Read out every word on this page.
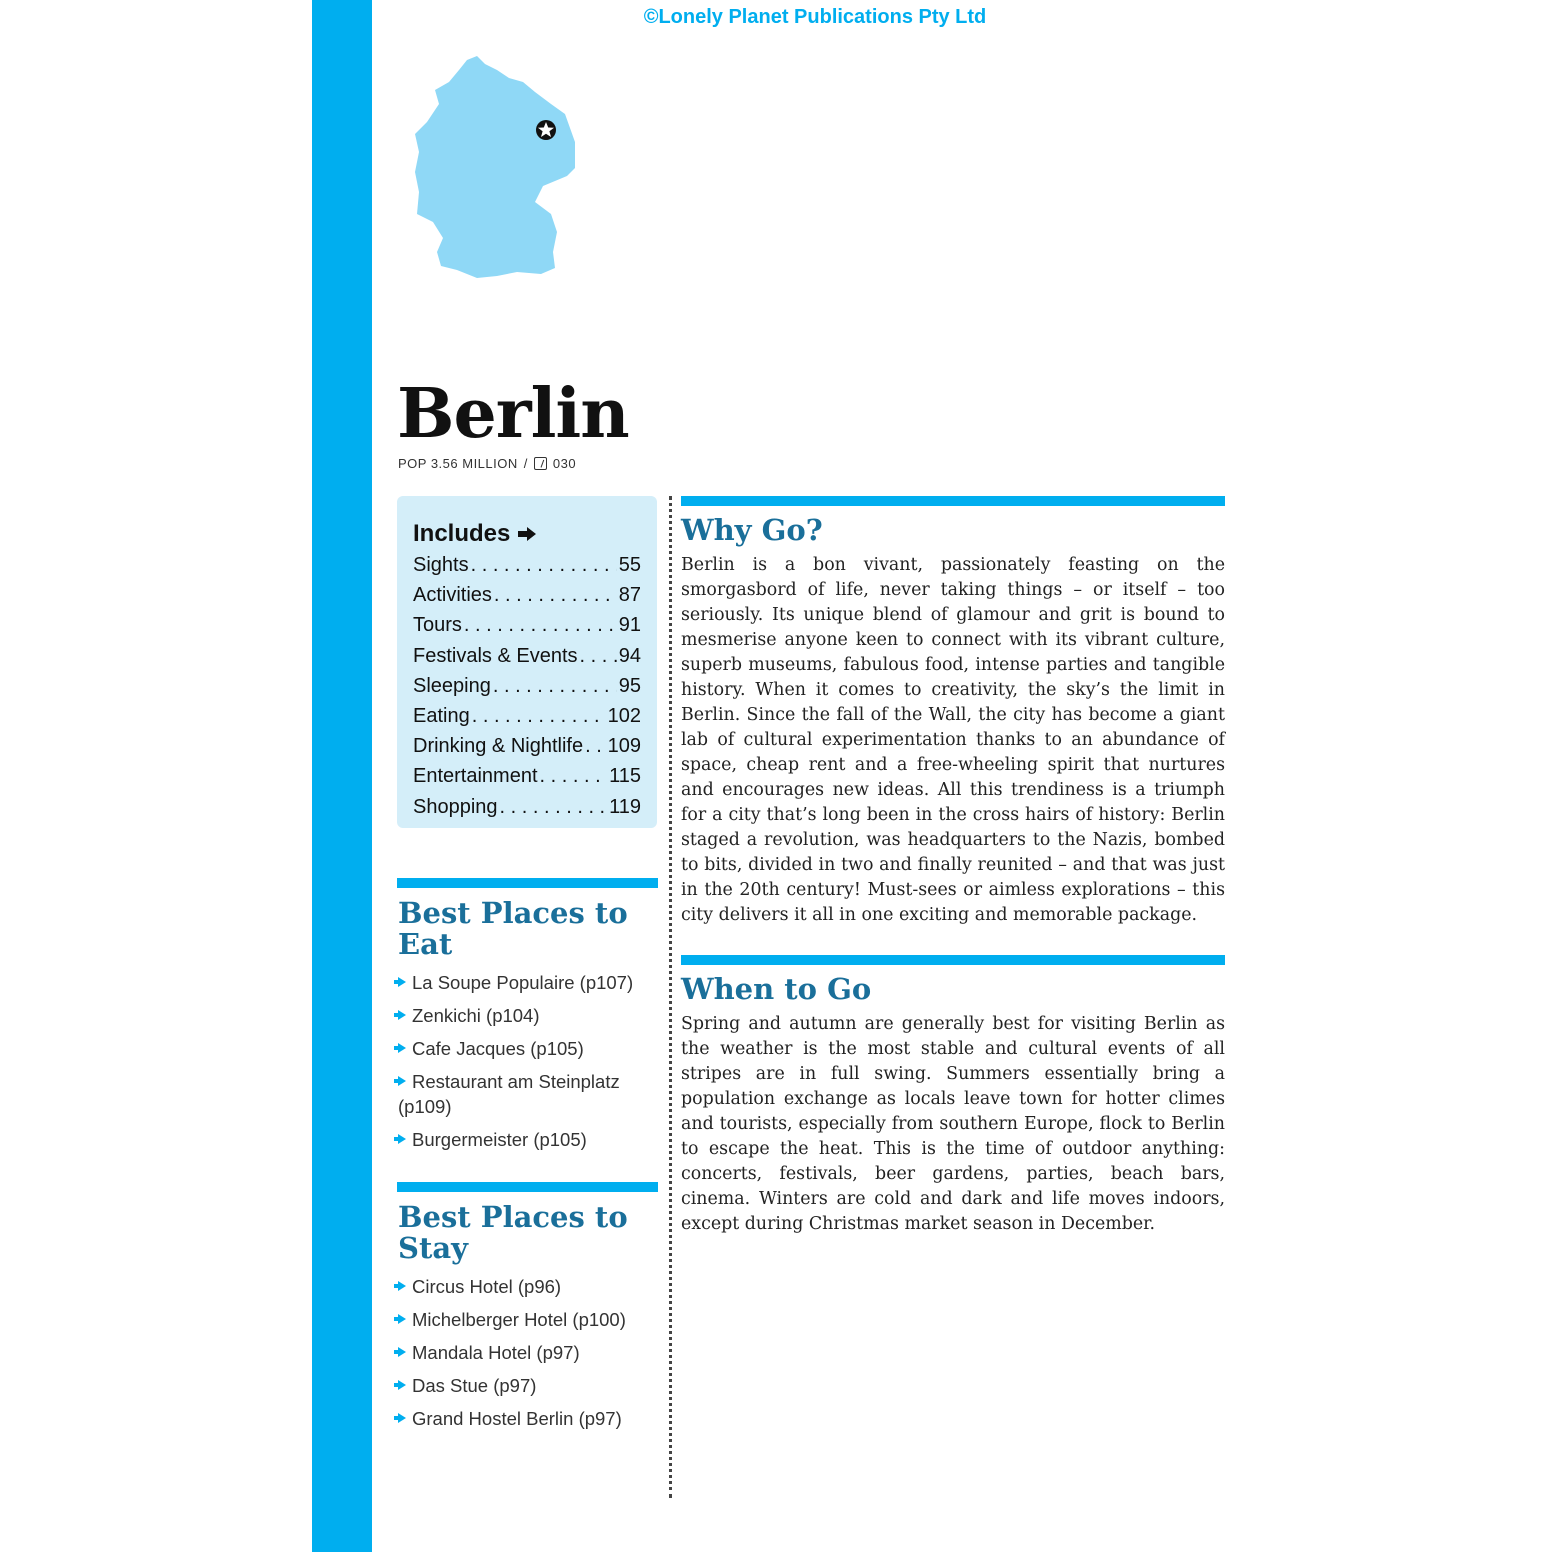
©Lonely Planet Publications Pty Ltd
Berlin
POP 3.56 MILLION / 030
Includes
Sights . . .	55
Activities . . .	87
Tours . . .	91
Festivals & Events . . . 94
Sleeping . . .	95
Eating . . .	102
Drinking & Nightlife . . . 109
Entertainment . . .	115
Shopping . . .	119
Best Places to Eat
La Soupe Populaire (p107)
Zenkichi (p104)
Cafe Jacques (p105)
Restaurant am Steinplatz (p109)
Burgermeister (p105)
Best Places to Stay
Circus Hotel (p96)
Michelberger Hotel (p100)
Mandala Hotel (p97)
Das Stue (p97)
Grand Hostel Berlin (p97)
Why Go?

Berlin is a bon vivant, passionately feasting on the smorgasbord of life, never taking things – or itself – too seriously. Its unique blend of glamour and grit is bound to mesmerise anyone keen to connect with its vibrant culture, superb museums, fabulous food, intense parties and tangible history. When it comes to creativity, the sky’s the limit in Berlin. Since the fall of the Wall, the city has become a giant lab of cultural experimentation thanks to an abundance of space, cheap rent and a free-wheeling spirit that nurtures and encourages new ideas. All this trendiness is a triumph for a city that’s long been in the cross hairs of history: Berlin staged a revolution, was headquarters to the Nazis, bombed to bits, divided in two and finally reunited – and that was just in the 20th century! Must-sees or aimless explorations – this city delivers it all in one exciting and memorable package.

When to Go

Spring and autumn are generally best for visiting Berlin as the weather is the most stable and cultural events of all stripes are in full swing. Summers essentially bring a population exchange as locals leave town for hotter climes and tourists, especially from southern Europe, flock to Berlin to escape the heat. This is the time of outdoor anything: concerts, festivals, beer gardens, parties, beach bars, cinema. Winters are cold and dark and life moves indoors, except during Christmas market season in December.
